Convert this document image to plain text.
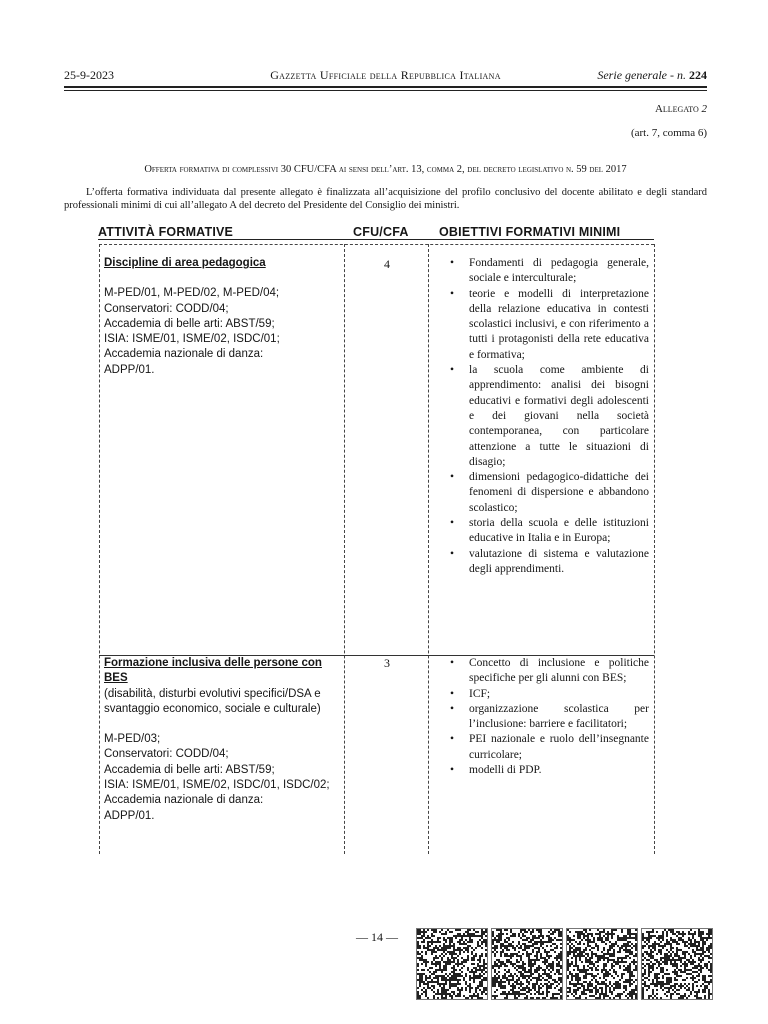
25-9-2023	Gazzetta Ufficiale della Repubblica Italiana	Serie generale - n. 224
Allegato 2
(art. 7, comma 6)
Offerta formativa di complessivi 30 CFU/CFA ai sensi dell’art. 13, comma 2, del decreto legislativo n. 59 del 2017
L’offerta formativa individuata dal presente allegato è finalizzata all’acquisizione del profilo conclusivo del docente abilitato e degli standard professionali minimi di cui all’allegato A del decreto del Presidente del Consiglio dei ministri.
ATTIVITÀ FORMATIVE	CFU/CFA OBIETTIVI FORMATIVI MINIMI

Discipline di area pedagogica

M-PED/01, M-PED/02, M-PED/04;

Conservatori: CODD/04;

Accademia di belle arti: ABST/59;

ISIA: ISME/01, ISME/02, ISDC/01;

Accademia nazionale di danza:

ADPP/01.

4	• Fondamenti di pedagogia generale, sociale e interculturale;
• teorie e modelli di interpretazione della relazione educativa in contesti scolastici inclusivi, e con riferimento a tutti i protagonisti della rete educativa e formativa;
• la scuola come ambiente di apprendimento: analisi dei bisogni educativi e formativi degli adolescenti e dei giovani nella società contemporanea, con particolare attenzione a tutte le situazioni di disagio;
• dimensioni pedagogico-didattiche dei fenomeni di dispersione e abbandono scolastico;
• storia della scuola e delle istituzioni educative in Italia e in Europa;
• valutazione di sistema e valutazione degli apprendimenti.

Formazione inclusiva delle persone con BES

(disabilità, disturbi evolutivi specifici/DSA e svantaggio economico, sociale e culturale)

M-PED/03;

Conservatori: CODD/04;

Accademia di belle arti: ABST/59;

ISIA: ISME/01, ISME/02, ISDC/01, ISDC/02;

Accademia nazionale di danza:

ADPP/01.

3	• Concetto di inclusione e politiche specifiche per gli alunni con BES;
• ICF;
• organizzazione scolastica per l’inclusione: barriere e facilitatori;
• PEI nazionale e ruolo dell’insegnante curricolare;
• modelli di PDP.
— 14 —
